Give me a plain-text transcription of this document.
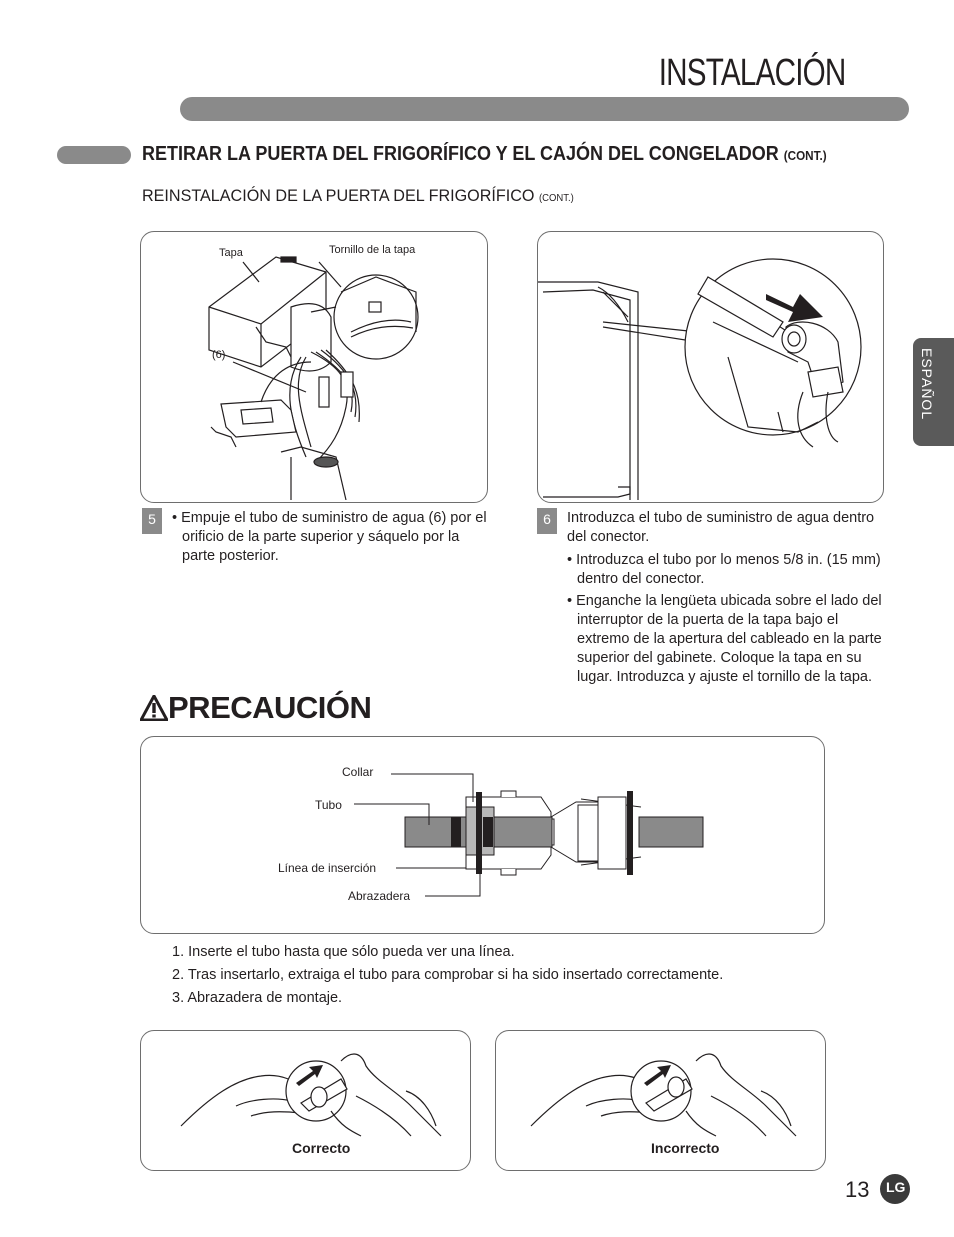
INSTALACIÓN
RETIRAR LA PUERTA DEL FRIGORÍFICO Y EL CAJÓN DEL CONGELADOR (CONT.)
REINSTALACIÓN DE LA PUERTA DEL FRIGORÍFICO (CONT.)
ESPAÑOL
Tapa	Tornillo de la tapa
(6)
5	• Empuje el tubo de suministro de agua (6) por el orificio de la parte superior y sáquelo por la parte posterior.
6	Introduzca el tubo de suministro de agua dentro del conector.
• Introduzca el tubo por lo menos 5/8 in. (15 mm) dentro del conector.
• Enganche la lengüeta ubicada sobre el lado del interruptor de la puerta de la tapa bajo el extremo de la apertura del cableado en la parte superior del gabinete. Coloque la tapa en su lugar. Introduzca y ajuste el tornillo de la tapa.
PRECAUCIÓN
Collar
Tubo
Línea de inserción
Abrazadera
1. Inserte el tubo hasta que sólo pueda ver una línea.
2. Tras insertarlo, extraiga el tubo para comprobar si ha sido insertado correctamente.
3. Abrazadera de montaje.
Correcto	Incorrecto
13 LG
